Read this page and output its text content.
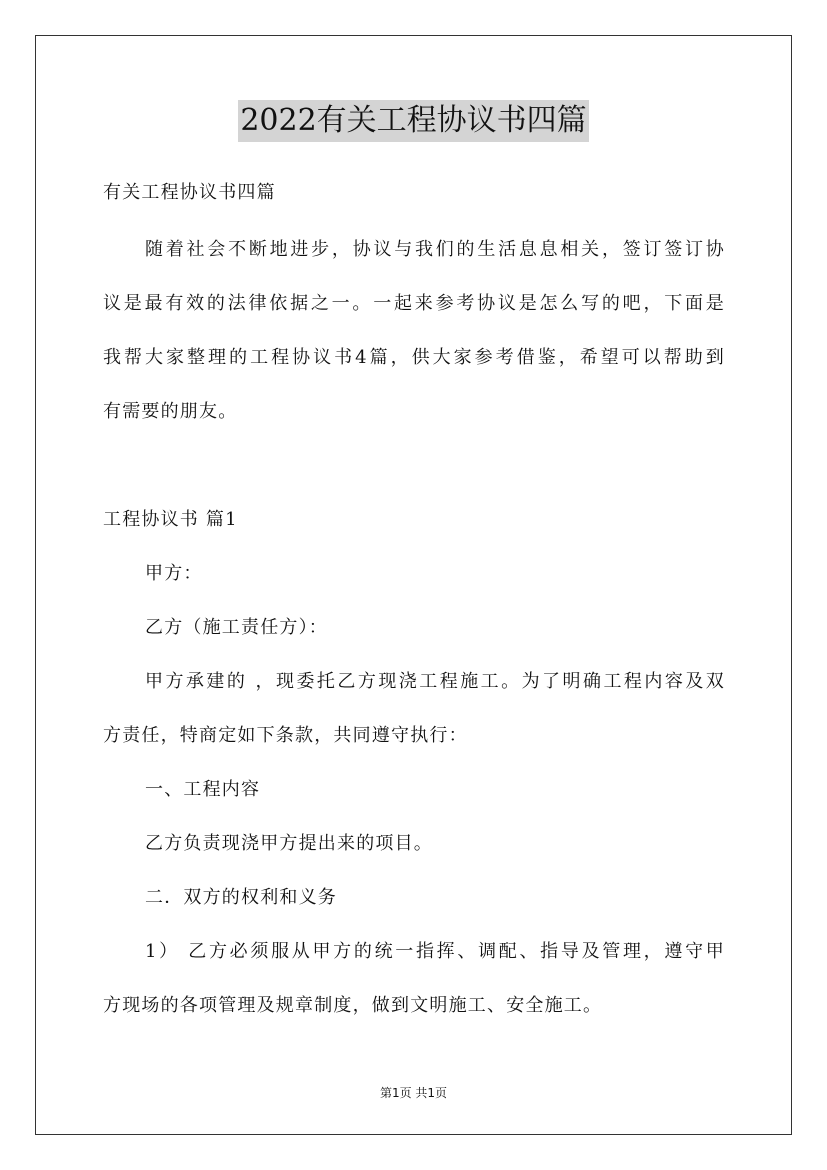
2022有关工程协议书四篇
有关工程协议书四篇
随着社会不断地进步，协议与我们的生活息息相关，签订签订协
议是最有效的法律依据之一。一起来参考协议是怎么写的吧，下面是
我帮大家整理的工程协议书4篇，供大家参考借鉴，希望可以帮助到
有需要的朋友。
工程协议书 篇1
甲方：
乙方（施工责任方）：
甲方承建的 ，现委托乙方现浇工程施工。为了明确工程内容及双
方责任，特商定如下条款，共同遵守执行：
一、工程内容
乙方负责现浇甲方提出来的项目。
二．双方的权利和义务
1） 乙方必须服从甲方的统一指挥、调配、指导及管理，遵守甲
方现场的各项管理及规章制度，做到文明施工、安全施工。
第1页 共1页
